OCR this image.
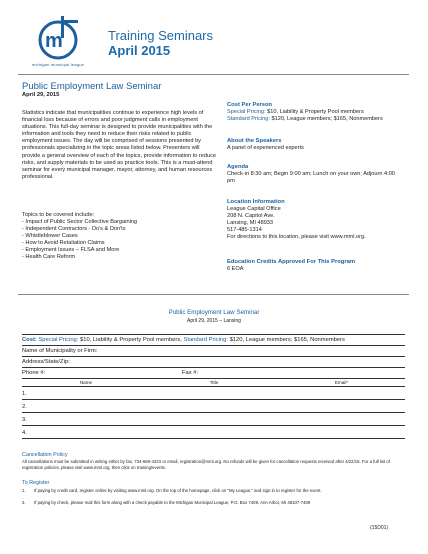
m
michigan municipal league
Training Seminars
April 2015
Public Employment Law Seminar
April 29, 2015
Statistics indicate that municipalities continue to experience high levels of financial loss because of errors and poor judgment calls in employment situations. This full-day seminar is designed to provide municipalities with the information and tools they need to reduce their risks related to public employment issues. The day will be comprised of sessions presented by professionals specializing in the topic areas listed below. Presenters will provide a general overview of each of the topics, provide information to reduce risks, and supply materials to be used as practice tools. This is a must-attend seminar for every municipal manager, mayor, attorney, and human resources professional.
Topics to be covered include:
- Impact of Public Sector Collective Bargaining
- Independent Contractors - Do's & Don'ts
- Whistleblower Cases
- How to Avoid Retaliation Claims
- Employment Issues – FLSA and More
- Health Care Reform
Cost Per Person
Special Pricing: $10, Liability & Property Pool members
Standard Pricing: $120, League members; $165, Nonmembers
About the Speakers
A panel of experienced experts
Agenda
Check-in 8:30 am; Begin 9:00 am; Lunch on your own; Adjourn 4:00 pm
Location Information
League Capital Office
208 N. Capitol Ave.
Lansing, MI 48933
517-485-1314
For directions to this location, please visit www.mml.org.
Education Credits Approved For This Program
6 EOA
Public Employment Law Seminar
April 29, 2015 – Lansing
Cost: Special Pricing: $10, Liability & Property Pool members, Standard Pricing: $120, League members; $165, Nonmembers
Name of Municipality or Firm:
Address/State/Zip:
Phone #:	Fax #:
Name	Title	Email*
1.
2.
3.
4.
Cancellation Policy
All cancellations must be submitted in writing either by fax, 734-669-4223 or email, registration@mml.org. No refunds will be given for cancellation requests received after 4/22/15. For a full list of registration policies, please visit www.mml.org, then click on training/events.
To Register
1.	If paying by credit card, register online by visiting www.mml.org. On the top of the homepage, click on "My League," and sign in to register for the event.
2.	If paying by check, please mail this form along with a check payable to the Michigan Municipal League, P.O. Box 7409, Ann Arbor, MI 48107-7409
(15D01)
